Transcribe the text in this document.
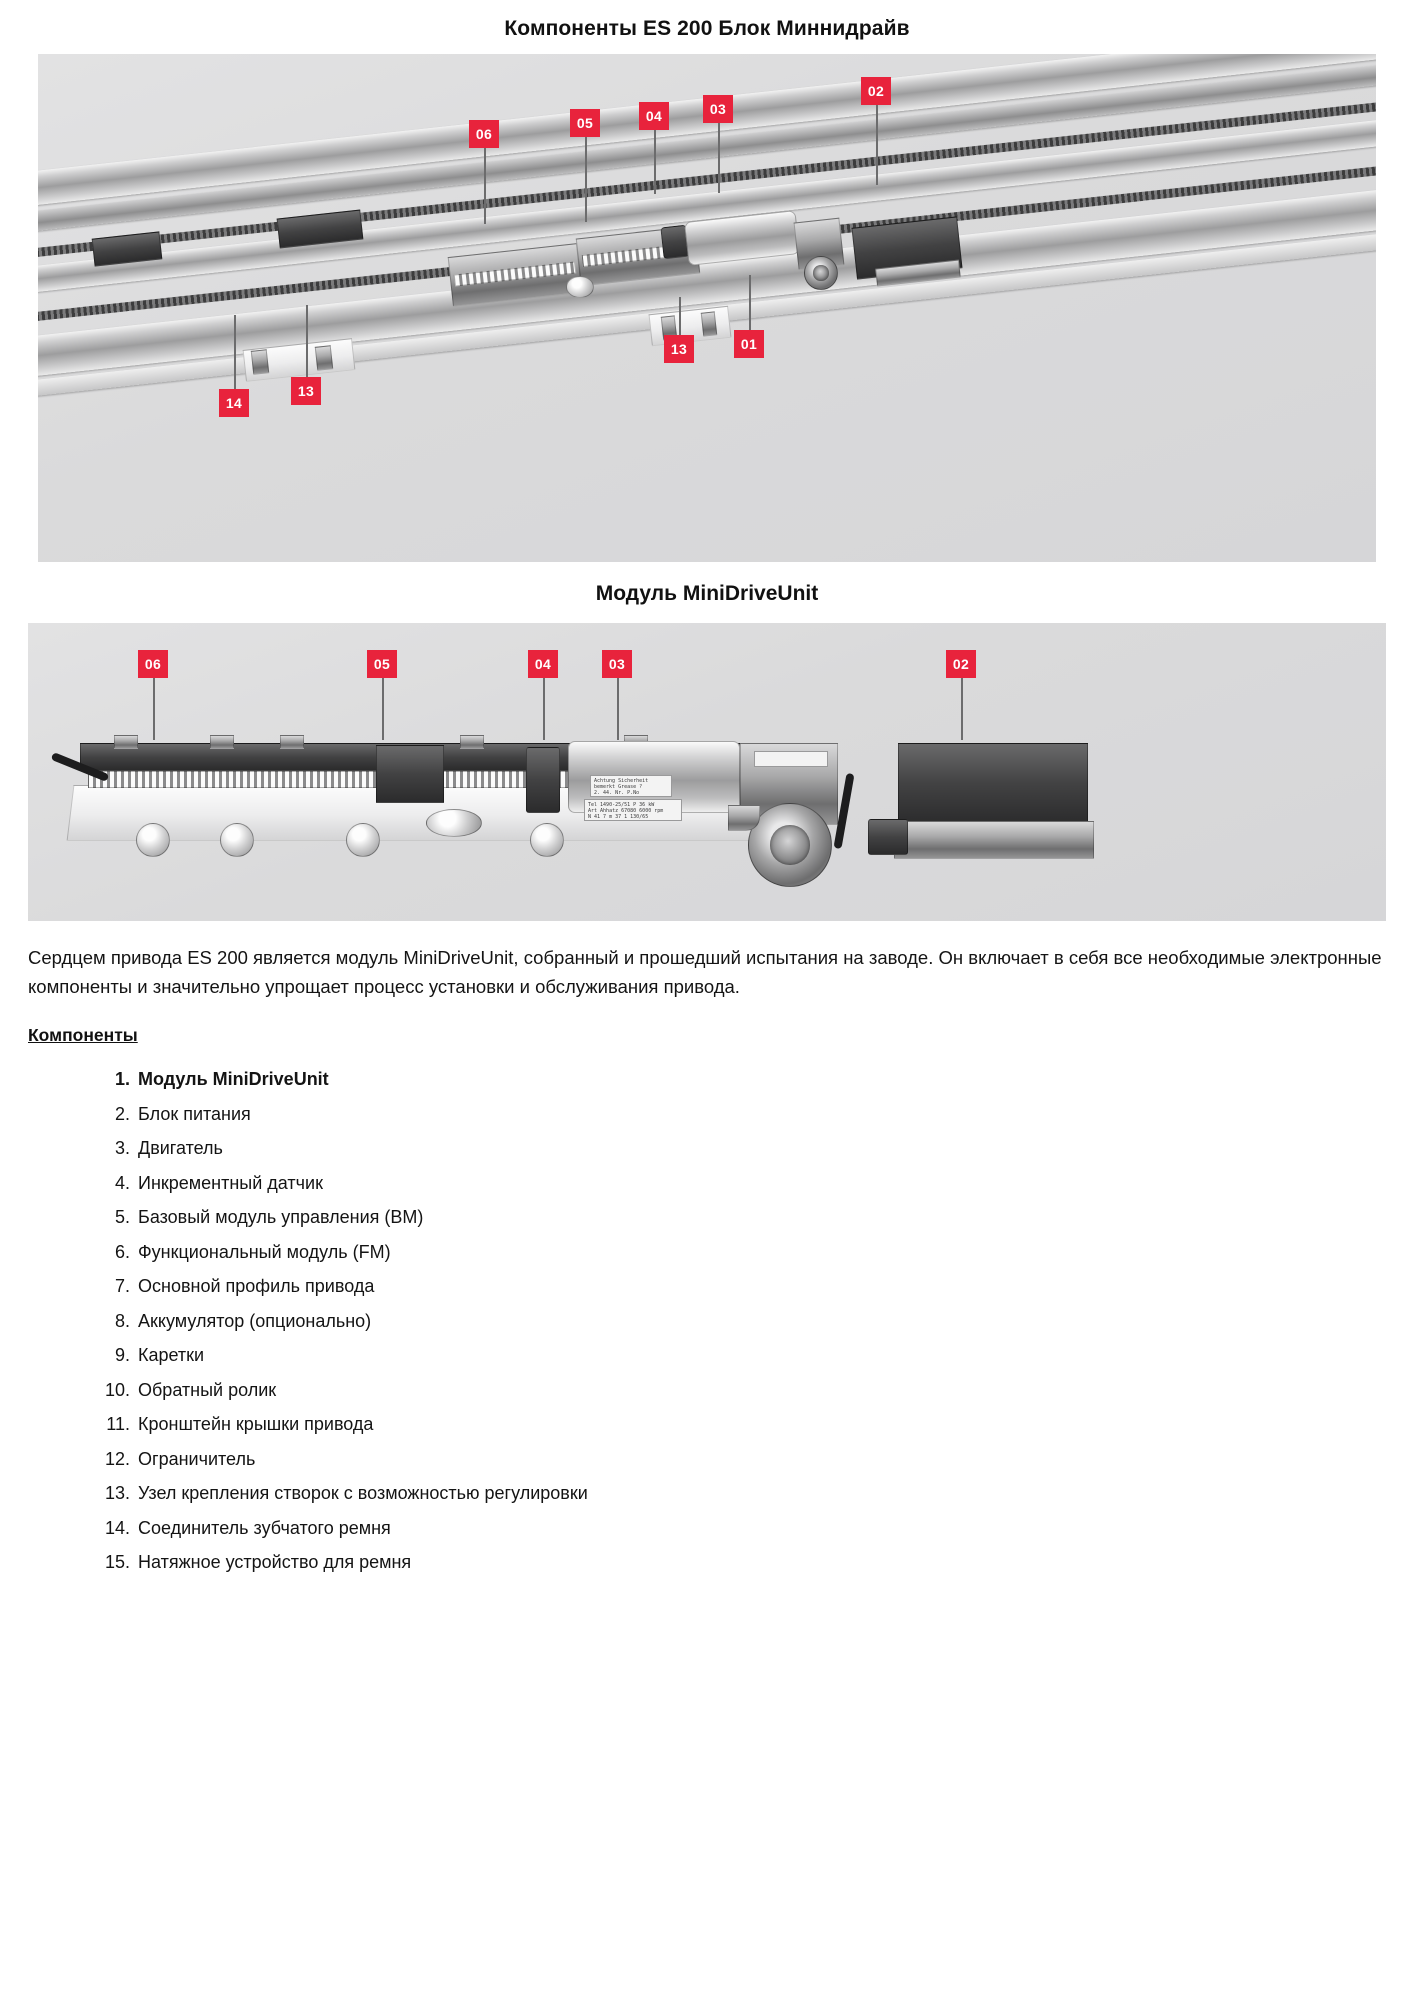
Компоненты ES 200 Блок Миннидрайв
02
03
04
05
06
13	01
13
14
Модуль MiniDriveUnit
Achtung Sicherheit
bemerkt Grease ?
2. 44. Nr. P.No
Tel 1490-25/51 P 36 kW
Art Ahhatz 67080 6000 rpm
N 41 7 m 37 1 130/65
06	05	04	03	02

Сердцем привода ES 200 является модуль MiniDriveUnit, собранный и прошедший испытания на заводе. Он включает в себя все необходимые электронные компоненты и значительно упрощает процесс установки и обслуживания привода.

Компоненты
Модуль MiniDriveUnit
Блок питания
Двигатель
Инкрементный датчик
Базовый модуль управления (BM)
Функциональный модуль (FM)
Основной профиль привода
Аккумулятор (опционально)
Каретки
Обратный ролик
Кронштейн крышки привода
Ограничитель
Узел крепления створок с возможностью регулировки
Соединитель зубчатого ремня
Натяжное устройство для ремня
